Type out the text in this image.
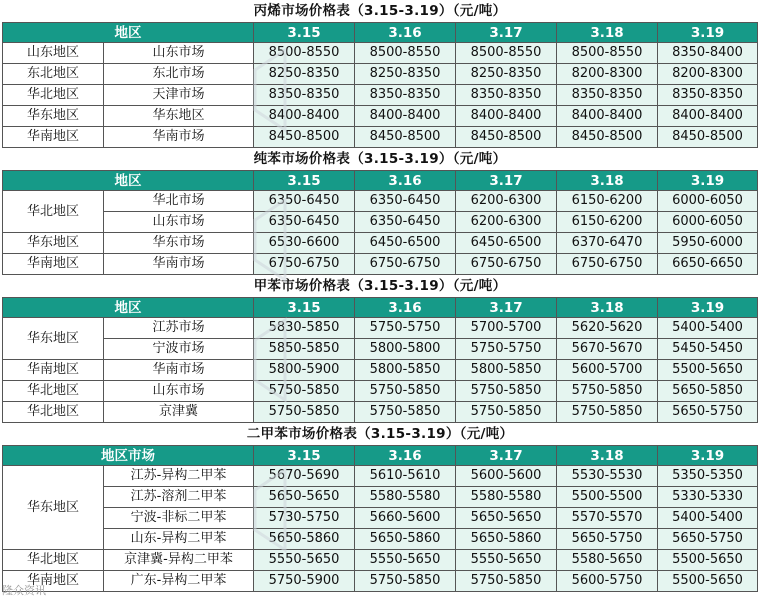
丙烯市场价格表（3.15-3.19）（元/吨）						
地区		3.15	3.16	3.17	3.18	3.19
山东地区	山东市场	8500-8550	8500-8550	8500-8550	8500-8550	8350-8400
东北地区	东北市场	8250-8350	8250-8350	8250-8350	8200-8300	8200-8300
华北地区	天津市场	8350-8350	8350-8350	8350-8350	8350-8350	8350-8350
华东地区	华东地区	8400-8400	8400-8400	8400-8400	8400-8400	8400-8400
华南地区	华南市场	8450-8500	8450-8500	8450-8500	8450-8500	8450-8500
纯苯市场价格表（3.15-3.19）（元/吨）						
地区		3.15	3.16	3.17	3.18	3.19
华北地区	华北市场	6350-6450	6350-6450	6200-6300	6150-6200	6000-6050
	山东市场	6350-6450	6350-6450	6200-6300	6150-6200	6000-6050
华东地区	华东市场	6530-6600	6450-6500	6450-6500	6370-6470	5950-6000
华南地区	华南市场	6750-6750	6750-6750	6750-6750	6750-6750	6650-6650
甲苯市场价格表（3.15-3.19）（元/吨）						
地区		3.15	3.16	3.17	3.18	3.19
华东地区	江苏市场	5830-5850	5750-5750	5700-5700	5620-5620	5400-5400
	宁波市场	5850-5850	5800-5800	5750-5750	5670-5670	5450-5450
华南地区	华南市场	5800-5900	5800-5850	5800-5850	5600-5700	5500-5650
华北地区	山东市场	5750-5850	5750-5850	5750-5850	5750-5850	5650-5850
华北地区	京津冀	5750-5850	5750-5850	5750-5850	5750-5850	5650-5750
二甲苯市场价格表（3.15-3.19）（元/吨）						
地区市场		3.15	3.16	3.17	3.18	3.19
华东地区	江苏-异构二甲苯	5670-5690	5610-5610	5600-5600	5530-5530	5350-5350
	江苏-溶剂二甲苯	5650-5650	5580-5580	5580-5580	5500-5500	5330-5330
	宁波-非标二甲苯	5730-5750	5660-5600	5650-5650	5570-5570	5400-5400
	山东-异构二甲苯	5650-5860	5650-5860	5650-5860	5650-5750	5650-5750
华北地区	京津冀-异构二甲苯	5550-5650	5550-5650	5550-5650	5580-5650	5500-5650
华南地区	广东-异构二甲苯	5750-5900	5750-5850	5750-5850	5600-5750	5500-5650
隆众资讯
